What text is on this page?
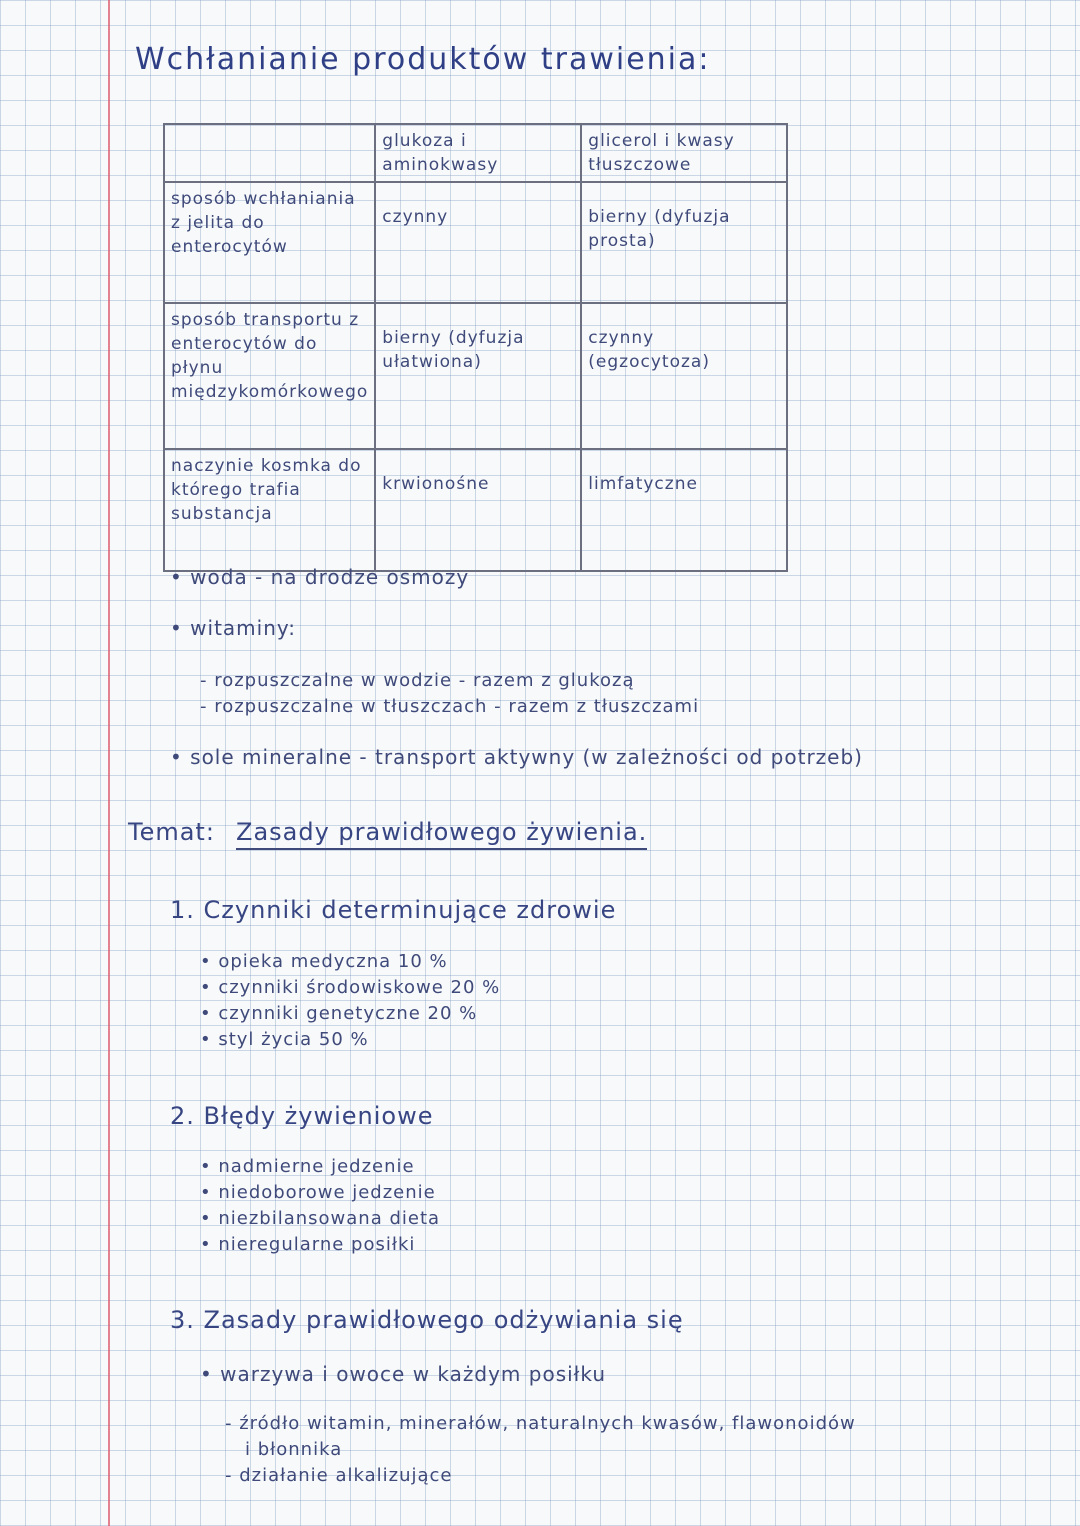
Wchłanianie produktów trawienia:
	glukoza i aminokwasy	glicerol i kwasy tłuszczowe
sposób wchłaniania z jelita do enterocytów	czynny	bierny (dyfuzja prosta)
sposób transportu z enterocytów do płynu międzykomórkowego	bierny (dyfuzja ułatwiona)	czynny (egzocytoza)
naczynie kosmka do którego trafia substancja	krwionośne	limfatyczne
• woda - na drodze osmozy
• witaminy:
- rozpuszczalne w wodzie - razem z glukozą
- rozpuszczalne w tłuszczach - razem z tłuszczami
• sole mineralne - transport aktywny (w zależności od potrzeb)
Temat: Zasady prawidłowego żywienia.
1. Czynniki determinujące zdrowie
• opieka medyczna 10 %
• czynniki środowiskowe 20 %
• czynniki genetyczne 20 %
• styl życia 50 %
2. Błędy żywieniowe
• nadmierne jedzenie
• niedoborowe jedzenie
• niezbilansowana dieta
• nieregularne posiłki
3. Zasady prawidłowego odżywiania się
• warzywa i owoce w każdym posiłku
- źródło witamin, minerałów, naturalnych kwasów, flawonoidów
i błonnika
- działanie alkalizujące
